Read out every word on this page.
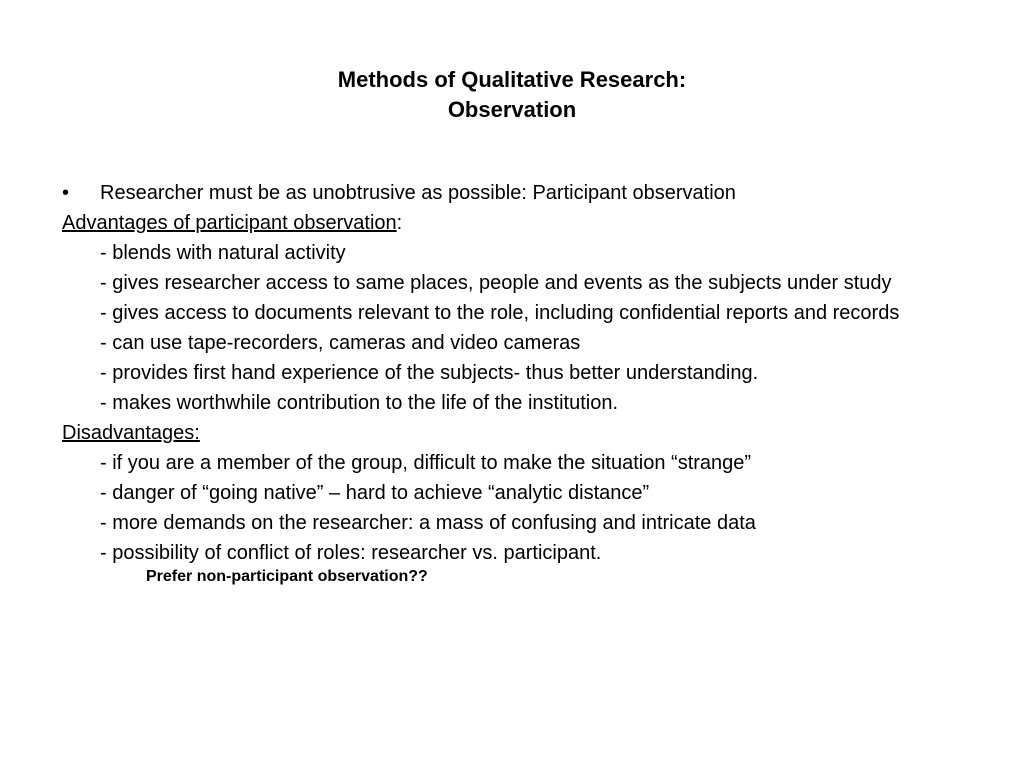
Methods of Qualitative Research:
Observation
• Researcher must be as unobtrusive as possible: Participant observation
Advantages of participant observation:
- blends with natural activity
- gives researcher access to same places, people and events as the subjects under study
- gives access to documents relevant to the role, including confidential reports and records
- can use tape-recorders, cameras and video cameras
- provides first hand experience of the subjects- thus better understanding.
- makes worthwhile contribution to the life of the institution.
Disadvantages:
- if you are a member of the group, difficult to make the situation “strange”
- danger of “going native” – hard to achieve “analytic distance”
- more demands on the researcher: a mass of confusing and intricate data
- possibility of conflict of roles: researcher vs. participant.
Prefer non-participant observation??
